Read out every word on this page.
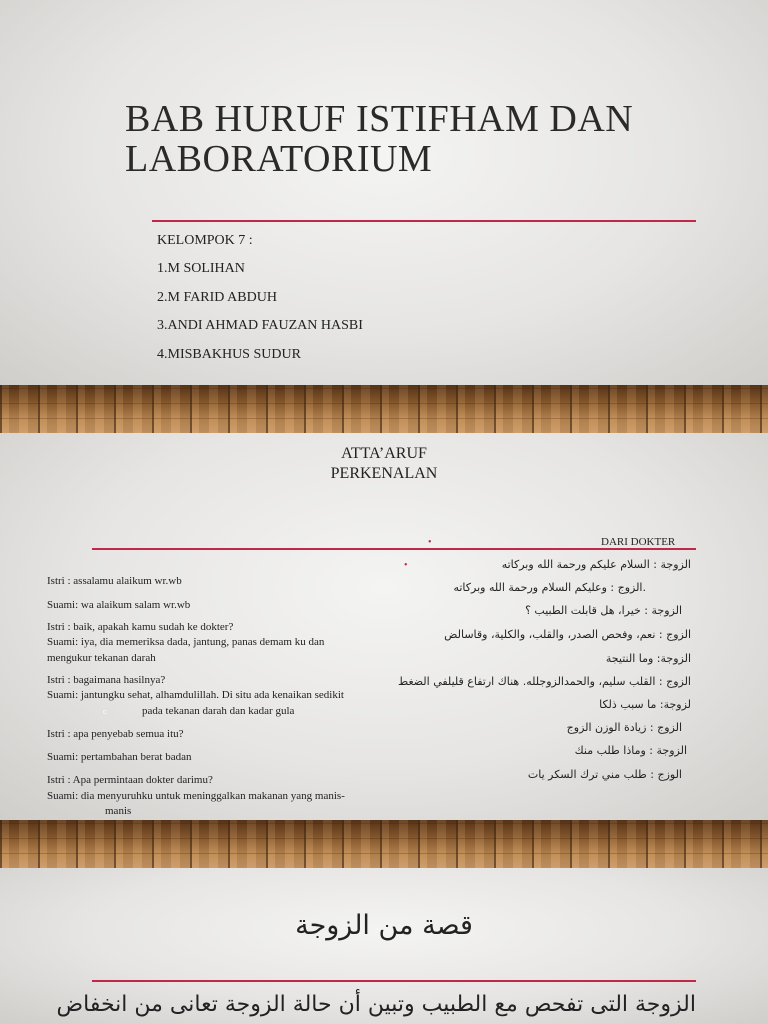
BAB HURUF ISTIFHAM DAN
LABORATORIUM
KELOMPOK 7 :
1.M SOLIHAN
2.M FARID ABDUH
3.ANDI AHMAD FAUZAN HASBI
4.MISBAKHUS SUDUR
ATTA’ARUF
PERKENALAN
•	DARI DOKTER
•
Istri : assalamu alaikum wr.wb
Suami: wa alaikum salam wr.wb
Istri : baik, apakah kamu sudah ke dokter?
Suami: iya, dia memeriksa dada, jantung, panas demam ku dan
mengukur tekanan darah
Istri : bagaimana hasilnya?
Suami: jantungku sehat, alhamdulillah. Di situ ada kenaikan sedikit
c	pada tekanan darah dan kadar gula
Istri : apa penyebab semua itu?
Suami: pertambahan berat badan
Istri : Apa permintaan dokter darimu?
Suami: dia menyuruhku untuk meninggalkan makanan yang manis-
manis
الزوجة : السلام عليكم ورحمة الله وبركاته
.الزوج : وعليكم السلام ورحمة الله وبركاته
الزوجة : خيرا، هل قابلت الطبيب ؟
الزوج : نعم، وفحص الصدر، والقلب، والكلية، وقاسالض
الزوجة: وما النتيجة
الزوج : القلب سليم، والحمدالزوجلله. هناك ارتفاع قليلفي الضغط
لزوجة: ما سبب ذلكا
الزوج : زيادة الوزن الزوج
الزوجة : وماذا طلب منك
الوزج : طلب مني ترك السكر يات
قصة من الزوجة
الزوجة التى تفحص مع الطبيب وتبين أن حالة الزوجة تعانى من انخفاض
